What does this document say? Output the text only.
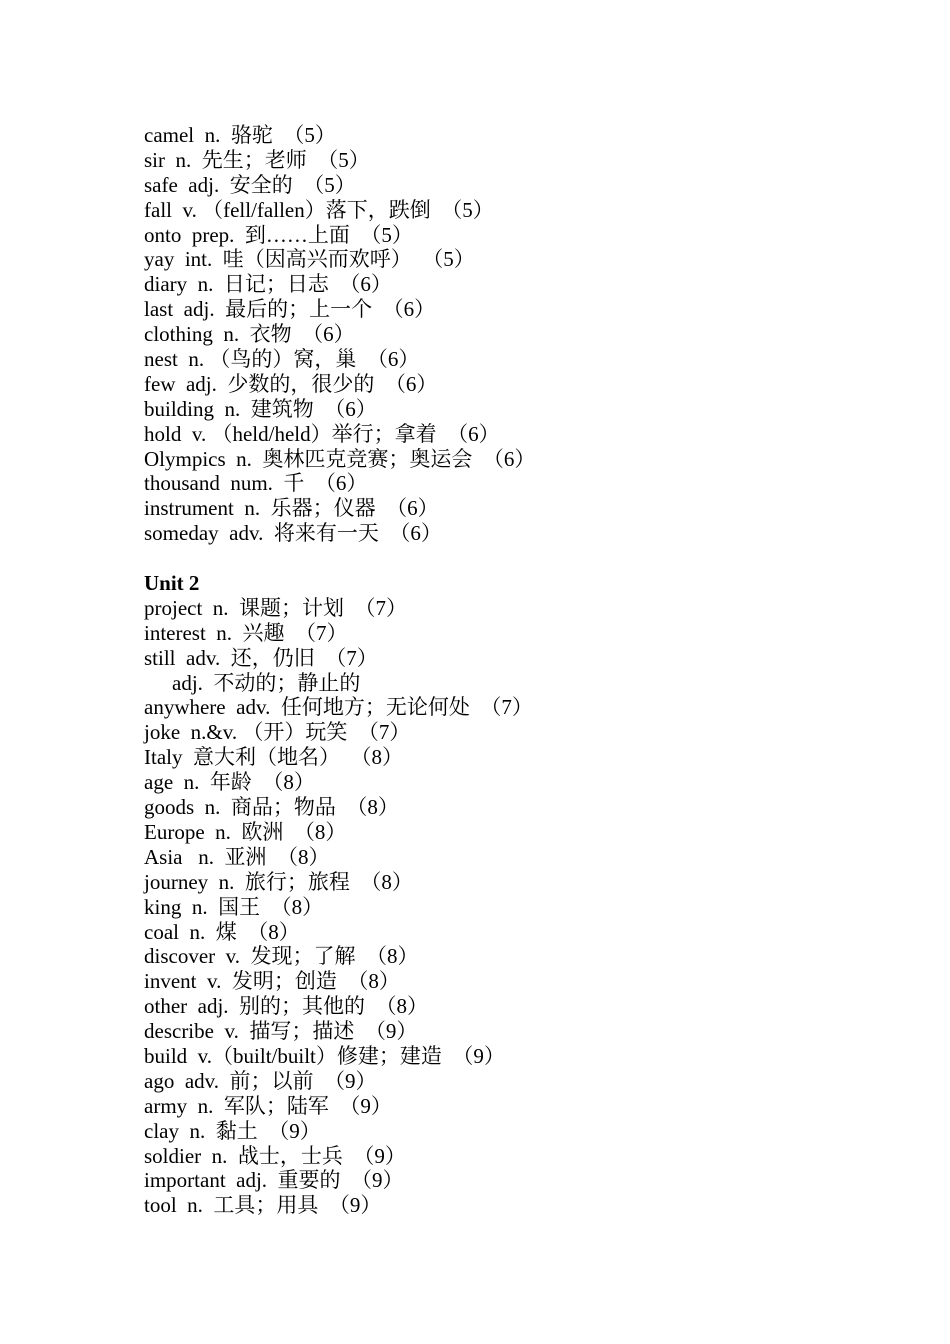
camel  n.  骆驼  （5）
sir  n.  先生；老师  （5）
safe  adj.  安全的  （5）
fall  v. （fell/fallen）落下，跌倒  （5）
onto  prep.  到……上面  （5）
yay  int.  哇（因高兴而欢呼）  （5）
diary  n.  日记；日志  （6）
last  adj.  最后的；上一个  （6）
clothing  n.  衣物  （6）
nest  n. （鸟的）窝，巢  （6）
few  adj.  少数的，很少的  （6）
building  n.  建筑物  （6）
hold  v. （held/held）举行；拿着  （6）
Olympics  n.  奥林匹克竞赛；奥运会  （6）
thousand  num.  千  （6）
instrument  n.  乐器；仪器  （6）
someday  adv.  将来有一天  （6）
Unit 2
project  n.  课题；计划  （7）
interest  n.  兴趣  （7）
still  adv.  还，仍旧  （7）
adj.  不动的；静止的
anywhere  adv.  任何地方；无论何处  （7）
joke  n.&v. （开）玩笑  （7）
Italy  意大利（地名）  （8）
age  n.  年龄  （8）
goods  n.  商品；物品  （8）
Europe  n.  欧洲  （8）
Asia   n.  亚洲  （8）
journey  n.  旅行；旅程  （8）
king  n.  国王  （8）
coal  n.  煤  （8）
discover  v.  发现；了解  （8）
invent  v.  发明；创造  （8）
other  adj.  别的；其他的  （8）
describe  v.  描写；描述  （9）
build  v.（built/built）修建；建造  （9）
ago  adv.  前；以前  （9）
army  n.  军队；陆军  （9）
clay  n.  黏土  （9）
soldier  n.  战士，士兵  （9）
important  adj.  重要的  （9）
tool  n.  工具；用具  （9）
